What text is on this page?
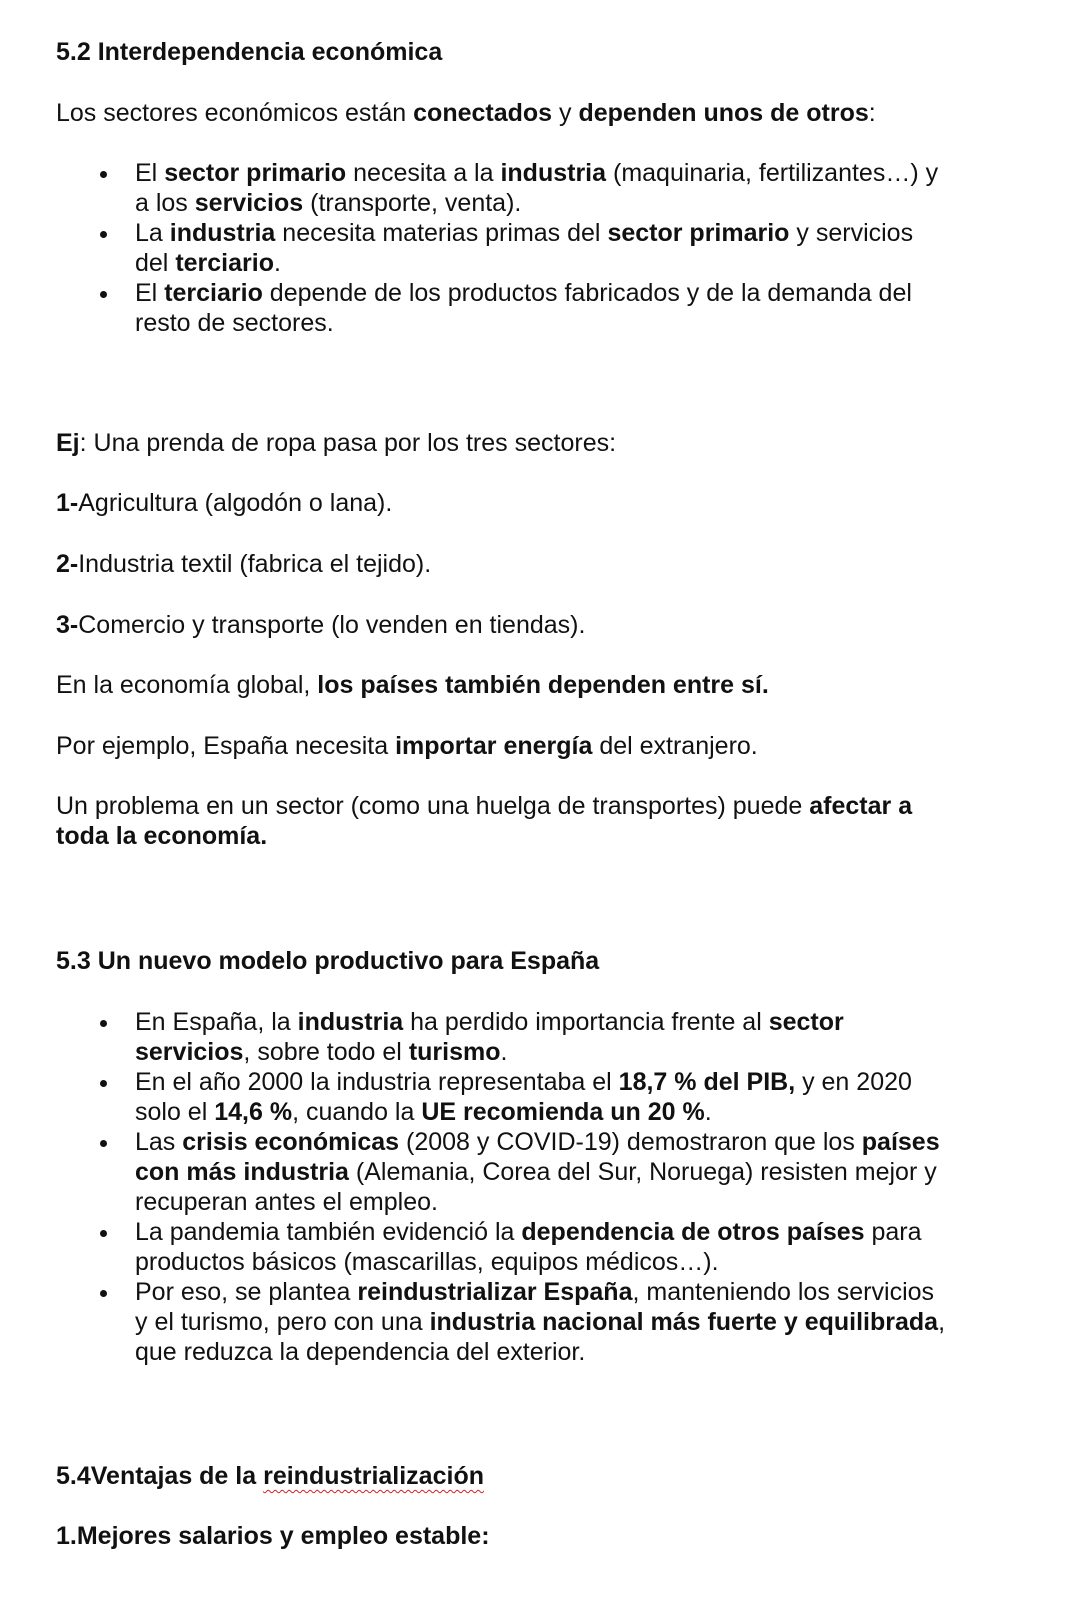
5.2 Interdependencia económica

Los sectores económicos están conectados y dependen unos de otros:

El sector primario necesita a la industria (maquinaria, fertilizantes…) y
a los servicios (transporte, venta).
La industria necesita materias primas del sector primario y servicios
del terciario.
El terciario depende de los productos fabricados y de la demanda del
resto de sectores.

Ej: Una prenda de ropa pasa por los tres sectores:

1-Agricultura (algodón o lana).

2-Industria textil (fabrica el tejido).

3-Comercio y transporte (lo venden en tiendas).

En la economía global, los países también dependen entre sí.

Por ejemplo, España necesita importar energía del extranjero.

Un problema en un sector (como una huelga de transportes) puede afectar a
toda la economía.

5.3 Un nuevo modelo productivo para España

En España, la industria ha perdido importancia frente al sector
servicios, sobre todo el turismo.
En el año 2000 la industria representaba el 18,7 % del PIB, y en 2020
solo el 14,6 %, cuando la UE recomienda un 20 %.
Las crisis económicas (2008 y COVID-19) demostraron que los países
con más industria (Alemania, Corea del Sur, Noruega) resisten mejor y
recuperan antes el empleo.
La pandemia también evidenció la dependencia de otros países para
productos básicos (mascarillas, equipos médicos…).
Por eso, se plantea reindustrializar España, manteniendo los servicios
y el turismo, pero con una industria nacional más fuerte y equilibrada,
que reduzca la dependencia del exterior.

5.4Ventajas de la reindustrialización

1.Mejores salarios y empleo estable:
